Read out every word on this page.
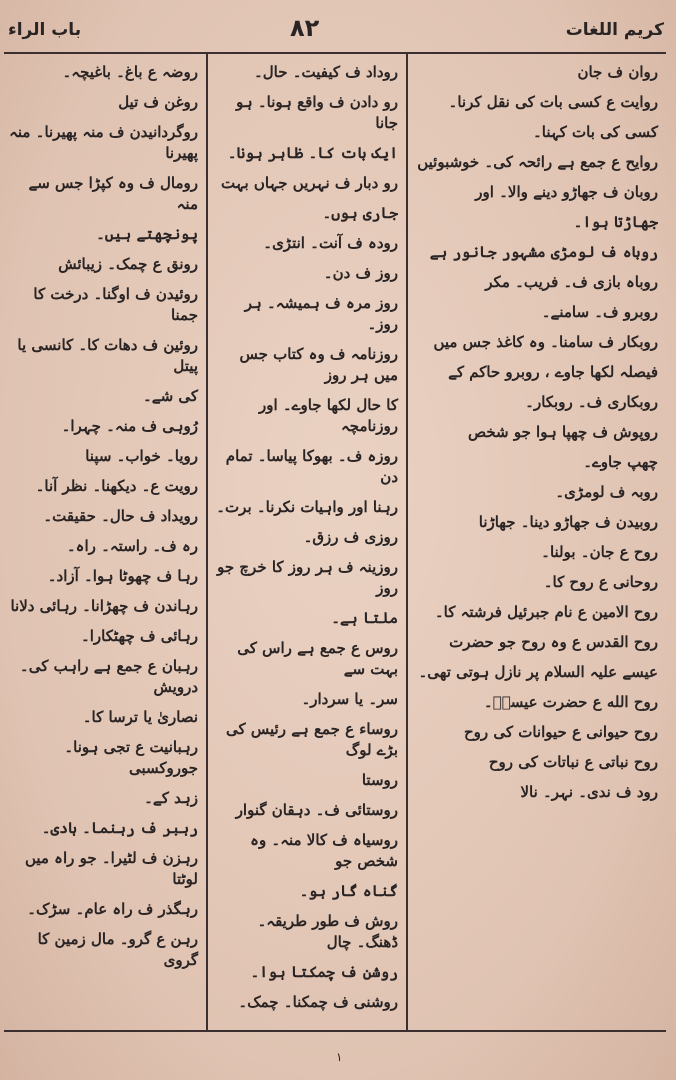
باب الراء	۸۲	کریم اللغات
روان ف جان
روایت ع کسی بات کی نقل کرنا۔
کسی کی بات کہنا۔
روایح ع جمع ہے رائحہ کی۔ خوشبوئیں
روبان ف جھاڑو دینے والا۔ اور
جھاڑتا ہوا۔
روباہ ف لومڑی مشہور جانور ہے
روباہ بازی ف۔ فریب۔ مکر
روبرو ف۔ سامنے۔
روبکار ف سامنا۔ وہ کاغذ جس میں
فیصلہ لکھا جاوے ، روبرو حاکم کے
روبکاری ف۔ روبکار۔
روپوش ف چھپا ہوا جو شخص
چھپ جاوے۔
روبہ ف لومڑی۔
روبیدن ف جھاڑو دینا۔ جھاڑنا
روح ع جان۔ بولنا۔
روحانی ع روح کا۔
روح الامین ع نام جبرئیل فرشتہ کا۔
روح القدس ع وہ روح جو حضرت
عیسے علیہ السلام پر نازل ہوتی تھی۔
روح الله ع حضرت عیسےؑ۔
روح حیوانی ع حیوانات کی روح
روح نباتی ع نباتات کی روح
رود ف ندی۔ نہر۔ نالا
روداد ف کیفیت۔ حال۔
رو دادن ف واقع ہونا۔ ہو جانا
ایک بات کا۔ ظاہر ہونا۔
رو دبار ف نہریں جہاں بہت
جاری ہوں۔
رودہ ف آنت۔ انتڑی۔
روز ف دن۔
روز مرہ ف ہمیشہ۔ ہر روز۔
روزنامہ ف وہ کتاب جس میں ہر روز
کا حال لکھا جاوے۔ اور روزنامچہ
روزہ ف۔ بھوکا پیاسا۔ تمام دن
رہنا اور واہیات نکرنا۔ برت۔
روزی ف رزق۔
روزینہ ف ہر روز کا خرچ جو روز
ملتا ہے۔
روس ع جمع ہے راس کی بہت سے
سر۔ یا سردار۔
روساء ع جمع ہے رئیس کی بڑے لوگ
روستا
روستائی ف۔ دہقان گنوار
روسیاہ ف کالا منہ۔ وہ شخص جو
گناہ گار ہو۔
روش ف طور طریقہ۔ ڈھنگ۔ چال
روشن ف چمکتا ہوا۔
روشنی ف چمکنا۔ چمک۔
روضہ ع باغ۔ باغیچہ۔
روغن ف تیل
روگردانیدن ف منہ پھیرنا۔ منہ پھیرنا
رومال ف وہ کپڑا جس سے منہ
پونچھتے ہیں۔
رونق ع چمک۔ زیبائش
روئیدن ف اوگنا۔ درخت کا جمنا
روئین ف دھات کا۔ کانسی یا پیتل
کی شے۔
رُوہی ف منہ۔ چہرا۔
رویا۔ خواب۔ سپنا
رویت ع۔ دیکھنا۔ نظر آنا۔
رویداد ف حال۔ حقیقت۔
رہ ف۔ راستہ۔ راہ۔
رہا ف چھوٹا ہوا۔ آزاد۔
رہاندن ف چھڑانا۔ رہائی دلانا
رہائی ف چھٹکارا۔
رہبان ع جمع ہے راہب کی۔ درویش
نصاریٰ یا ترسا کا۔
رہبانیت ع تجی ہونا۔ جوروکسبی
زہد کے۔
رہبر ف رہنما۔ ہادی۔
رہزن ف لٹیرا۔ جو راہ میں لوٹتا
رہگذر ف راہ عام۔ سڑک۔
رہن ع گرو۔ مال زمین کا گروی
۱
